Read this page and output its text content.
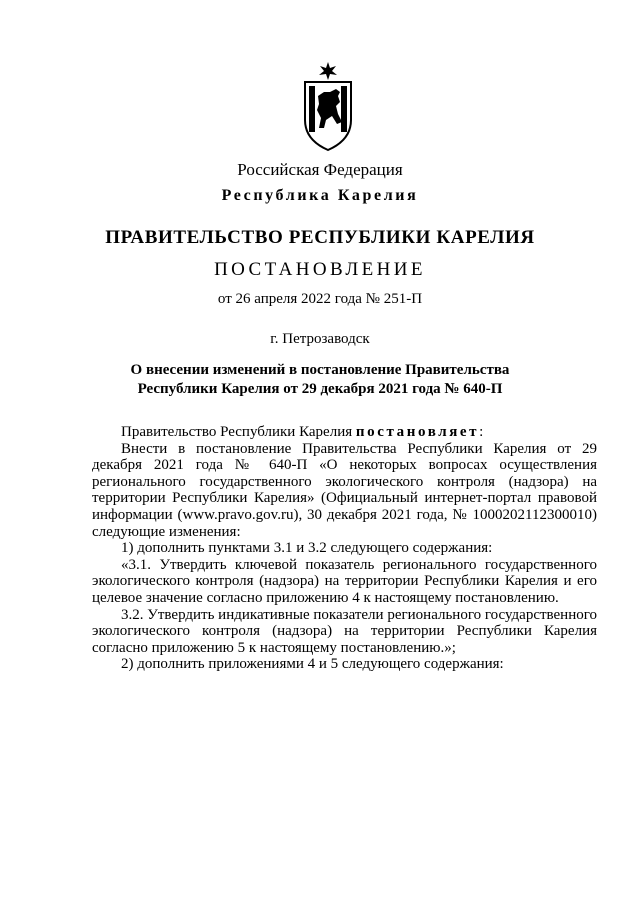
Российская Федерация
Республика Карелия
ПРАВИТЕЛЬСТВО РЕСПУБЛИКИ КАРЕЛИЯ
ПОСТАНОВЛЕНИЕ
от 26 апреля 2022 года № 251-П
г. Петрозаводск
О внесении изменений в постановление Правительства
Республики Карелия от 29 декабря 2021 года № 640-П

Правительство Республики Карелия постановляет:

Внести в постановление Правительства Республики Карелия от 29 декабря 2021 года № 640-П «О некоторых вопросах осуществления регионального государственного экологического контроля (надзора) на территории Республики Карелия» (Официальный интернет-портал правовой информации (www.pravo.gov.ru), 30 декабря 2021 года, № 1000202112300010) следующие изменения:

1) дополнить пунктами 3.1 и 3.2 следующего содержания:

«3.1. Утвердить ключевой показатель регионального государственного экологического контроля (надзора) на территории Республики Карелия и его целевое значение согласно приложению 4 к настоящему постановлению.

3.2. Утвердить индикативные показатели регионального государственного экологического контроля (надзора) на территории Республики Карелия согласно приложению 5 к настоящему постановлению.»;

2) дополнить приложениями 4 и 5 следующего содержания:
